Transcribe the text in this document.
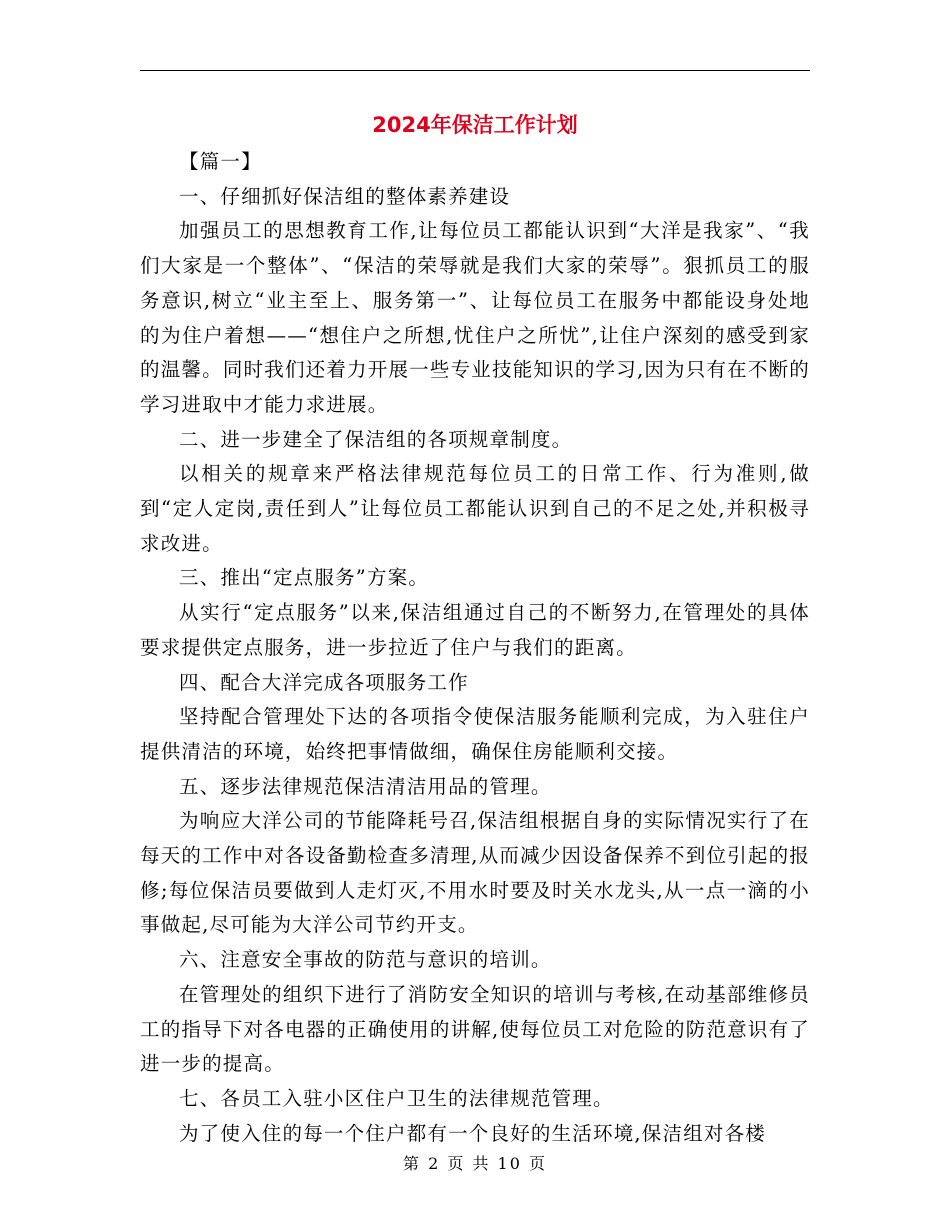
2024年保洁工作计划

【篇一】

一、仔细抓好保洁组的整体素养建设

加强员工的思想教育工作,让每位员工都能认识到“大洋是我家”、“我们大家是一个整体”、“保洁的荣辱就是我们大家的荣辱”。狠抓员工的服务意识,树立“业主至上、服务第一”、让每位员工在服务中都能设身处地的为住户着想——“想住户之所想,忧住户之所忧”,让住户深刻的感受到家的温馨。同时我们还着力开展一些专业技能知识的学习,因为只有在不断的学习进取中才能力求进展。

二、进一步建全了保洁组的各项规章制度。

以相关的规章来严格法律规范每位员工的日常工作、行为准则,做到“定人定岗,责任到人”让每位员工都能认识到自己的不足之处,并积极寻求改进。

三、推出“定点服务”方案。

从实行“定点服务”以来,保洁组通过自己的不断努力,在管理处的具体要求提供定点服务，进一步拉近了住户与我们的距离。

四、配合大洋完成各项服务工作

坚持配合管理处下达的各项指令使保洁服务能顺利完成，为入驻住户提供清洁的环境，始终把事情做细，确保住房能顺利交接。

五、逐步法律规范保洁清洁用品的管理。

为响应大洋公司的节能降耗号召,保洁组根据自身的实际情况实行了在每天的工作中对各设备勤检查多清理,从而减少因设备保养不到位引起的报修;每位保洁员要做到人走灯灭,不用水时要及时关水龙头,从一点一滴的小事做起,尽可能为大洋公司节约开支。

六、注意安全事故的防范与意识的培训。

在管理处的组织下进行了消防安全知识的培训与考核,在动基部维修员工的指导下对各电器的正确使用的讲解,使每位员工对危险的防范意识有了进一步的提高。

七、各员工入驻小区住户卫生的法律规范管理。

为了使入住的每一个住户都有一个良好的生活环境,保洁组对各楼

第 2 页 共 10 页
